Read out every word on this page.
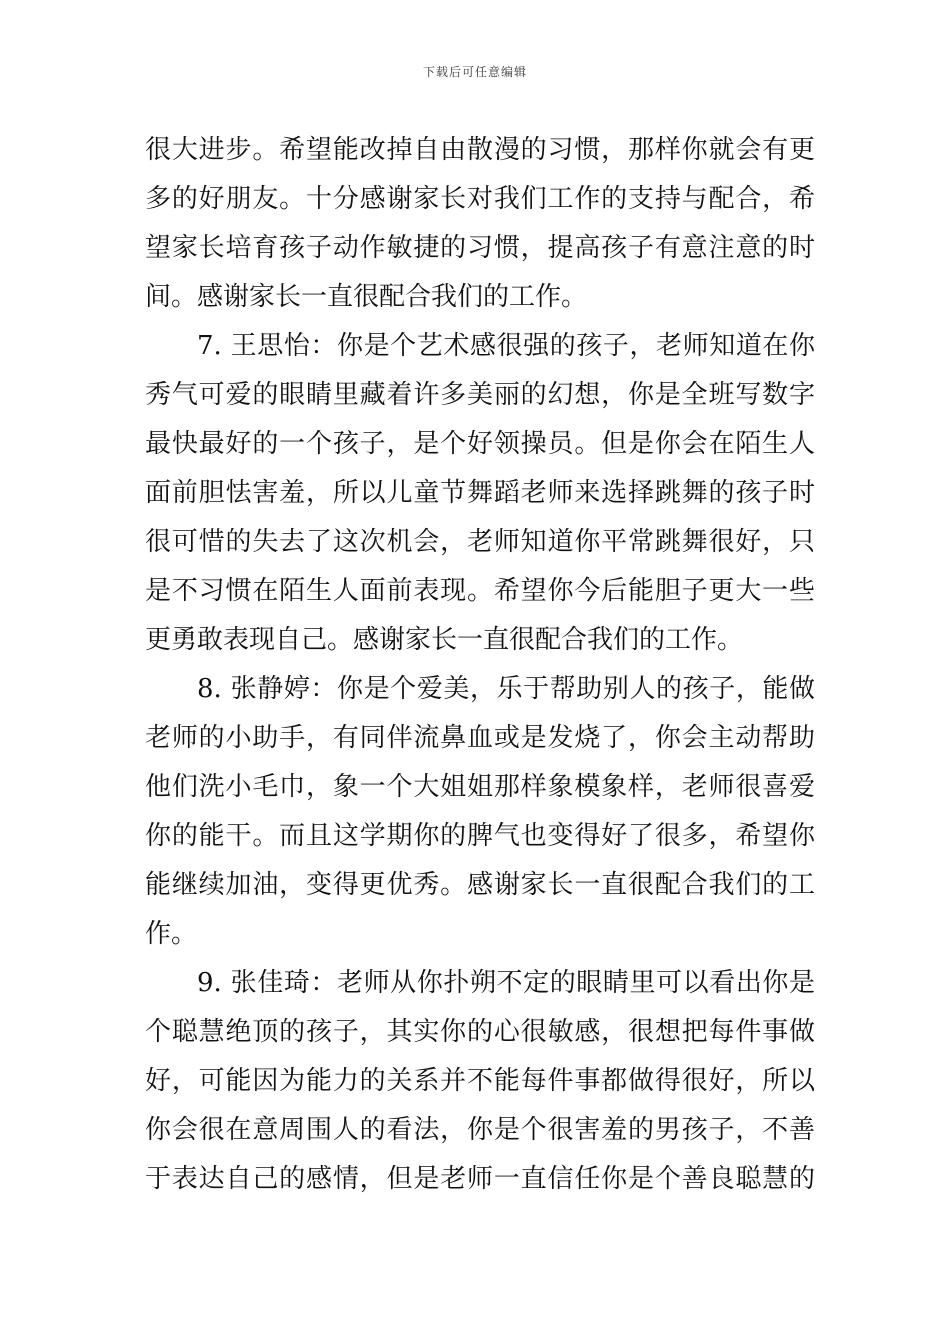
下载后可任意编辑
很大进步。希望能改掉自由散漫的习惯，那样你就会有更
多的好朋友。十分感谢家长对我们工作的支持与配合，希
望家长培育孩子动作敏捷的习惯，提高孩子有意注意的时
间。感谢家长一直很配合我们的工作。
7. 王思怡：你是个艺术感很强的孩子，老师知道在你
秀气可爱的眼睛里藏着许多美丽的幻想，你是全班写数字
最快最好的一个孩子，是个好领操员。但是你会在陌生人
面前胆怯害羞，所以儿童节舞蹈老师来选择跳舞的孩子时
很可惜的失去了这次机会，老师知道你平常跳舞很好，只
是不习惯在陌生人面前表现。希望你今后能胆子更大一些
更勇敢表现自己。感谢家长一直很配合我们的工作。
8. 张静婷：你是个爱美，乐于帮助别人的孩子，能做
老师的小助手，有同伴流鼻血或是发烧了，你会主动帮助
他们洗小毛巾，象一个大姐姐那样象模象样，老师很喜爱
你的能干。而且这学期你的脾气也变得好了很多，希望你
能继续加油，变得更优秀。感谢家长一直很配合我们的工
作。
9. 张佳琦：老师从你扑朔不定的眼睛里可以看出你是
个聪慧绝顶的孩子，其实你的心很敏感，很想把每件事做
好，可能因为能力的关系并不能每件事都做得很好，所以
你会很在意周围人的看法，你是个很害羞的男孩子，不善
于表达自己的感情，但是老师一直信任你是个善良聪慧的
